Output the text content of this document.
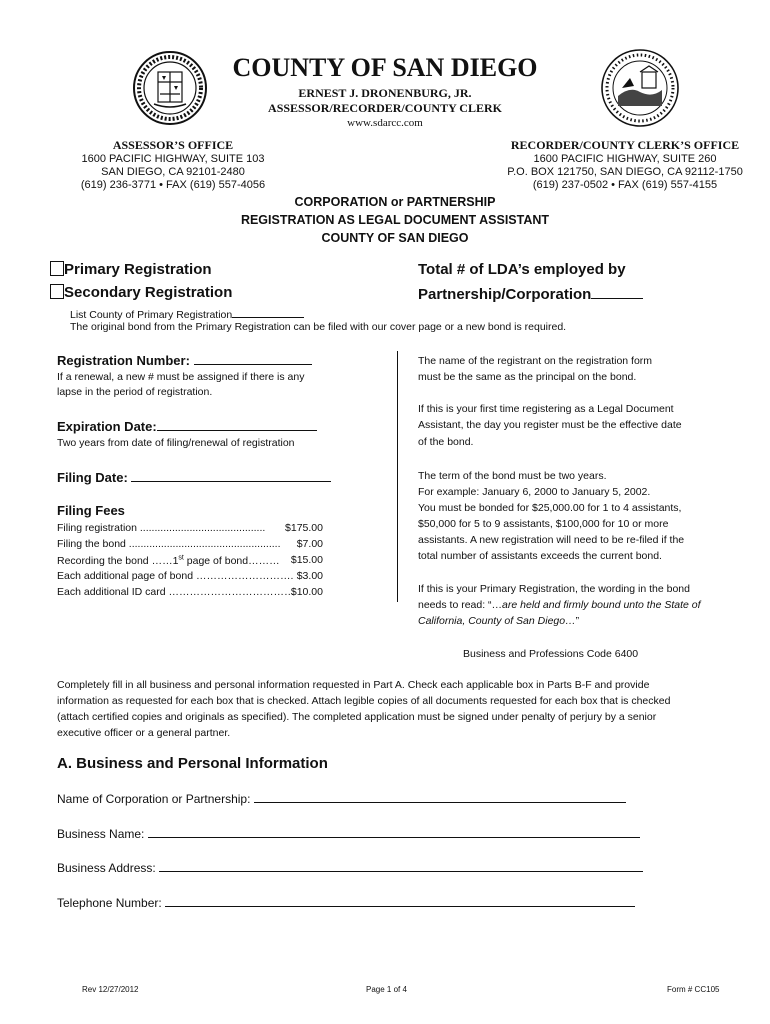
COUNTY OF SAN DIEGO
ERNEST J. DRONENBURG, JR.
ASSESSOR/RECORDER/COUNTY CLERK
www.sdarcc.com
ASSESSOR’S OFFICE
1600 PACIFIC HIGHWAY, SUITE 103
SAN DIEGO, CA 92101-2480
(619) 236-3771 • FAX (619) 557-4056
RECORDER/COUNTY CLERK’S OFFICE
1600 PACIFIC HIGHWAY, SUITE 260
P.O. BOX 121750, SAN DIEGO, CA 92112-1750
(619) 237-0502 • FAX (619) 557-4155
CORPORATION or PARTNERSHIP
REGISTRATION AS LEGAL DOCUMENT ASSISTANT
COUNTY OF SAN DIEGO
Primary Registration
Secondary Registration
Total # of LDA’s employed by
Partnership/Corporation
List County of Primary Registration
The original bond from the Primary Registration can be filed with our cover page or a new bond is required.
Registration Number:
If a renewal, a new # must be assigned if there is any
lapse in the period of registration.
Expiration Date:
Two years from date of filing/renewal of registration
Filing Date:
Filing Fees
Filing registration ........................................... $175.00
Filing the bond .................................................... $7.00
Recording the bond ……1st page of bond……… $15.00
Each additional page of bond ………………………. $3.00
Each additional ID card ………………………………
$10.00
The name of the registrant on the registration form
must be the same as the principal on the bond.
If this is your first time registering as a Legal Document
Assistant, the day you register must be the effective date
of the bond.
The term of the bond must be two years.
For example: January 6, 2000 to January 5, 2002.
You must be bonded for $25,000.00 for 1 to 4 assistants,
$50,000 for 5 to 9 assistants, $100,000 for 10 or more
assistants. A new registration will need to be re-filed if the
total number of assistants exceeds the current bond.
If this is your Primary Registration, the wording in the bond
needs to read: “…are held and firmly bound unto the State of
California, County of San Diego…”
Business and Professions Code 6400
Completely fill in all business and personal information requested in Part A. Check each applicable box in Parts B-F and provide
information as requested for each box that is checked. Attach legible copies of all documents requested for each box that is checked
(attach certified copies and originals as specified). The completed application must be signed under penalty of perjury by a senior
executive officer or a general partner.
A. Business and Personal Information
Name of Corporation or Partnership:
Business Name:
Business Address:
Telephone Number:
Rev 12/27/2012	Page 1 of 4	Form # CC105
